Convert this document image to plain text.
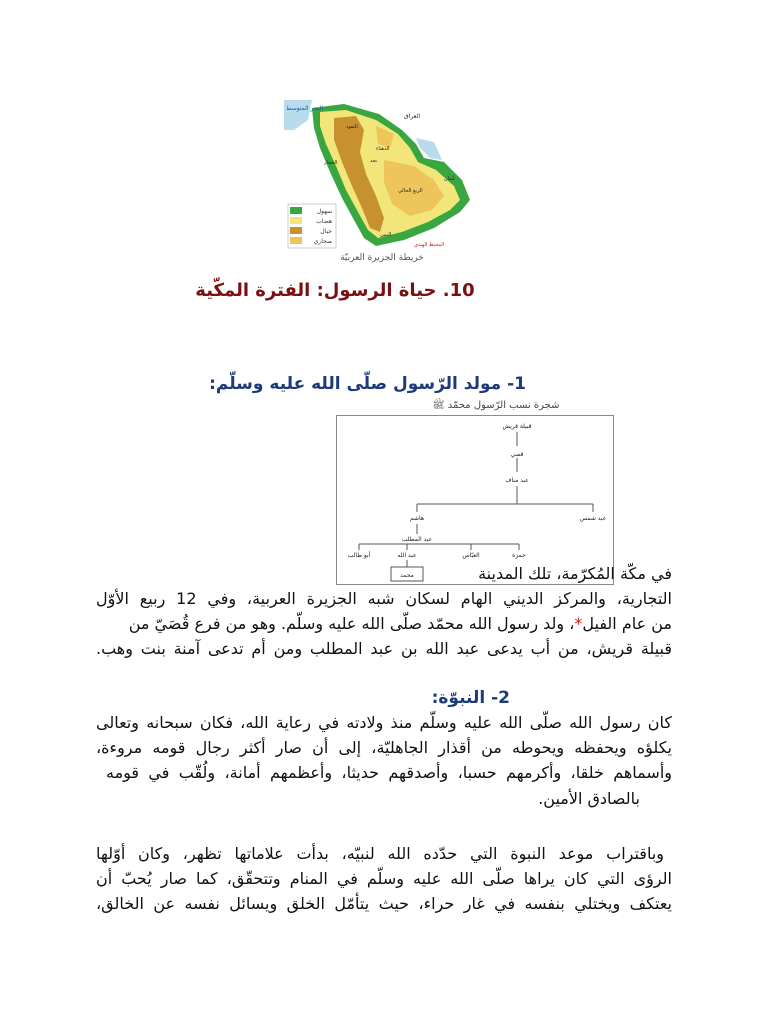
سهول
هضاب
جبال
صحاري
البحر المتوسط
العراق
النفوذ
الدهناء
نجد
عُمان
الربع الخالي
اليمن
المحيط الهندي
الحجاز
خريطة الجزيرة العربيّة
10. حياة الرسول: الفترة المكّية
1- مولد الرّسول صلّى الله عليه وسلّم:
شجرة نسب الرّسول محمّد ﷺ
قبيلة قريش
قصي
عبد مناف
هاشم	عبد شمس
عبد المطلب
أبو طالب	عبد الله	العبّاس	حمزة
محمد	في مكّة المُكرّمة، تلك المدينة
التجارية، والمركز الديني الهام لسكان شبه الجزيرة العربية، وفي 12 ربيع الأوّل
من عام الفيل*، ولد رسول الله محمّد صلّى الله عليه وسلّم. وهو من فرع قُصَيّ من
قبيلة قريش، من أب يدعى عبد الله بن عبد المطلب ومن أم تدعى آمنة بنت وهب.
2- النبوّة:
كان رسول الله صلّى الله عليه وسلّم منذ ولادته في رعاية الله، فكان سبحانه وتعالى
يكلؤه ويحفظه ويحوطه من أقذار الجاهليّة، إلى أن صار أكثر رجال قومه مروءة،
وأسماهم خلقا، وأكرمهم حسبا، وأصدقهم حديثا، وأعظمهم أمانة، ولُقّب في قومه
بالصادق الأمين.
وباقتراب موعد النبوة التي حدّده الله لنبيّه، بدأت علاماتها تظهر، وكان أوّلها
الرؤى التي كان يراها صلّى الله عليه وسلّم في المنام وتتحقّق، كما صار يُحبّ أن
يعتكف ويختلي بنفسه في غار حراء، حيث يتأمّل الخلق ويسائل نفسه عن الخالق،
